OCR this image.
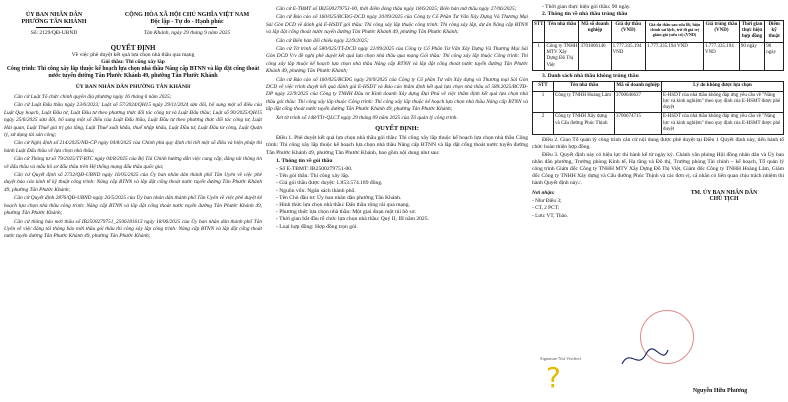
ỦY BAN NHÂN DÂN
PHƯỜNG TÂN KHÁNH
CỘNG HÒA XÃ HỘI CHỦ NGHĨA VIỆT NAM
Độc lập - Tự do - Hạnh phúc
Số: 2129/QĐ-UBND	Tân Khánh, ngày 29 tháng 9 năm 2025
QUYẾT ĐỊNH
Về việc phê duyệt kết quả lựa chọn nhà thầu qua mạng
Gói thầu: Thi công xây lắp
Công trình: Thi công xây lắp thuộc kế hoạch lựa chọn nhà thầu Nâng cấp BTNN và lắp đặt cống thoát nước tuyến đường Tân Phước Khánh 49, phường Tân Phước Khánh
ỦY BAN NHÂN DÂN PHƯỜNG TÂN KHÁNH

Căn cứ Luật Tổ chức chính quyền địa phương ngày 16 tháng 6 năm 2025;

Căn cứ Luật Đấu thầu ngày 23/6/2023; Luật số 57/2024/QH15 ngày 29/11/2024 sửa đổi, bổ sung một số điều của Luật Quy hoạch, Luật Đầu tư, Luật Đầu tư theo phương thức đối tác công tư và Luật Đấu thầu; Luật số 90/2025/QH15 ngày 25/6/2025 sửa đổi, bổ sung một số điều của Luật Đấu thầu, Luật Đầu tư theo phương thức đối tác công tư, Luật Hải quan, Luật Thuế giá trị gia tăng, Luật Thuế xuất khẩu, thuế nhập khẩu, Luật Đầu tư, Luật Đầu tư công, Luật Quản lý, sử dụng tài sản công;

Căn cứ Nghị định số 214/2025/NĐ-CP ngày 04/8/2025 của Chính phủ quy định chi tiết một số điều và biện pháp thi hành Luật Đấu thầu về lựa chọn nhà thầu;

Căn cứ Thông tư số 79/2025/TT-BTC ngày 04/8/2025 của Bộ Tài Chính hướng dẫn việc cung cấp, đăng tải thông tin về đấu thầu và mẫu hồ sơ đấu thầu trên Hệ thống mạng đấu thầu quốc gia;

Căn cứ Quyết định số 2732/QĐ-UBND ngày 16/05/2025 của Ủy ban nhân dân thành phố Tân Uyên về việc phê duyệt báo cáo kinh tế kỹ thuật công trình: Nâng cấp BTNN và lắp đặt cống thoát nước tuyến đường Tân Phước Khánh 49, phường Tân Phước Khánh;

Căn cứ Quyết định 2876/QĐ-UBND ngày 26/5/2025 của Ủy ban nhân dân thành phố Tân Uyên về việc phê duyệt kế hoạch lựa chọn nhà thầu công trình: Nâng cấp BTNN và lắp đặt cống thoát nước tuyến đường Tân Phước Khánh 49, phường Tân Phước Khánh;

Căn cứ thông báo mời thầu số IB2500279751_2506181613 ngày 18/06/2025 của Ủy ban nhân dân thành phố Tân Uyên về việc đăng tải thông báo mời thầu gói thầu thi công xây lắp công trình: Nâng cấp BTNN và lắp đặt cống thoát nước tuyến đường Tân Phước Khánh 49, phường Tân Phước Khánh;

Căn cứ E-TBMT số IB2500279751-00, thời điểm đóng thầu ngày 18/6/2025; Biên bản mở thầu ngày 27/06/2025;

Căn cứ Báo cáo số 160/025/BCĐG-DCD ngày 20/09/2025 của Công ty Cổ Phần Tư Vấn Xây Dựng Và Thương Mại Sài Gòn DCD về đánh giá E-HSDT gói thầu: Thi công xây lắp thuộc công trình: Thi công xây lắp, dự án Nâng cấp BTNN và lắp đặt cống thoát nước tuyến đường Tân Phước Khánh 49, phường Tân Phước Khánh;

Căn cứ Biên bản đối chiếu ngày 22/9/2025;

Căn cứ Tờ trình số 580/025/TT-DCD ngày 22/09/2025 của Công ty Cổ Phần Tư Vấn Xây Dựng Và Thương Mại Sài Gòn DCD V/v đề nghị phê duyệt kết quả lựa chọn nhà thầu qua mạng Gói thầu: Thi công xây lắp thuộc Công trình: Thi công xây lắp thuộc kế hoạch lựa chọn nhà thầu Nâng cấp BTNN và lắp đặt cống thoát nước tuyến đường Tân Phước Khánh 49, phường Tân Phước Khánh;

Căn cứ Báo cáo số 160/025/BCĐG ngày 20/9/2025 của Công ty Cổ phần Tư vấn Xây dựng và Thương mại Sài Gòn DCD về việc trình duyệt kết quả đánh giá E-HSDT và Báo cáo thẩm định kết quả lựa chọn nhà thầu số 589.2025/BCTĐ-DP ngày 22/9/2025 của Công ty TNHH Đầu tư Kinh doanh Xây dựng Đại Phú về việc thẩm định kết quả lựa chọn nhà thầu gói thầu: Thi công xây lắp thuộc Công trình: Thi công xây lắp thuộc kế hoạch lựa chọn nhà thầu Nâng cấp BTNN và lắp đặt cống thoát nước tuyến đường Tân Phước Khánh 49, phường Tân Phước Khánh;

Xét tờ trình số 148/TTr-QLCT ngày 29 tháng 09 năm 2025 của Tổ quản lý công trình.

QUYẾT ĐỊNH:

Điều 1. Phê duyệt kết quả lựa chọn nhà thầu gói thầu: Thi công xây lắp thuộc kế hoạch lựa chọn nhà thầu Công trình: Thi công xây lắp thuộc kế hoạch lựa chọn nhà thầu Nâng cấp BTNN và lắp đặt cống thoát nước tuyến đường Tân Phước Khánh 49, phường Tân Phước Khánh, bao gồm nội dung như sau:

1. Thông tin về gói thầu

- Số E-TBMT: IB2500279751-00.
- Tên gói thầu: Thi công xây lắp.
- Giá gói thầu được duyệt: 1.853.574.189 đồng.
- Nguồn vốn: Ngân sách thành phố.
- Tên Chủ đầu tư: Ủy ban nhân dân phường Tân Khánh.
- Hình thức lựa chọn nhà thầu: Đấu thầu rộng rãi qua mạng.
- Phương thức lựa chọn nhà thầu: Một giai đoạn một túi hồ sơ.
- Thời gian bắt đầu tổ chức lựa chọn nhà thầu: Quý II, III năm 2025.
- Loại hợp đồng: Hợp đồng trọn gói.
- Thời gian thực hiện gói thầu: 90 ngày.
2. Thông tin về nhà thầu trúng thầu
STT	Tên nhà thầu	Mã số doanh nghiệp	Giá dự thầu (VND)	Giá dự thầu sau sửa lỗi, hiệu chỉnh sai lệch, trừ đi giá trị giảm giá (nếu có) (VND)	Giá trúng thầu (VND)	Thời gian thực hiện hợp đồng	Điểm kỹ thuật
1	Công ty TNHH MTV Xây Dựng Đồ Thị Việt	3701806146	1.777.335.194 VND	1.777.335.194 VND	1.777.335.194 VND	90 ngày	90 ngày
3. Danh sách nhà thầu không trúng thầu
STT	Tên nhà thầu	Mã số doanh nghiệp	Lý do không được lựa chọn
1	Công ty TNHH Hoàng Lâm	3700646637	E-HSDT của nhà thầu không đáp ứng yêu cầu về "Năng lực và kinh nghiệm" theo quy định của E-HSMT được phê duyệt
2	Công ty TNHH Xây dựng và Cấu đường Phúc Thịnh	3700674715	E-HSDT của nhà thầu không đáp ứng yêu cầu về "Năng lực và kinh nghiệm" theo quy định của E-HSMT được phê duyệt

Điều 2. Giao Tổ quản lý công trình căn cứ nội dung được phê duyệt tại Điều 1 Quyết định này, tiến hành tổ chức hoàn thiện hợp đồng.

Điều 3. Quyết định này có hiệu lực thi hành kể từ ngày ký. Chánh văn phòng Hội đồng nhân dân và Ủy ban nhân dân phường, Trưởng phòng Kinh tế, Hạ tầng và Đô thị, Trưởng phòng Tài chính – kế hoạch, Tổ quản lý công trình Giám đốc Công ty TNHH MTV Xây Dựng Đồ Thị Việt, Giám đốc Công ty TNHH Hoàng Lâm, Giám đốc Công ty TNHH Xây dựng và Cấu đường Phúc Thịnh và các đơn vị, cá nhân có liên quan chịu trách nhiệm thi hành Quyết định này./.

Nơi nhận:
- Như Điều 3;
- CT, 2 PCT;
- Lưu: VT, Thảo.
TM. ỦY BAN NHÂN DÂN
CHỦ TỊCH
Signature Not Verified
?	Nguyễn Hữu Phương
